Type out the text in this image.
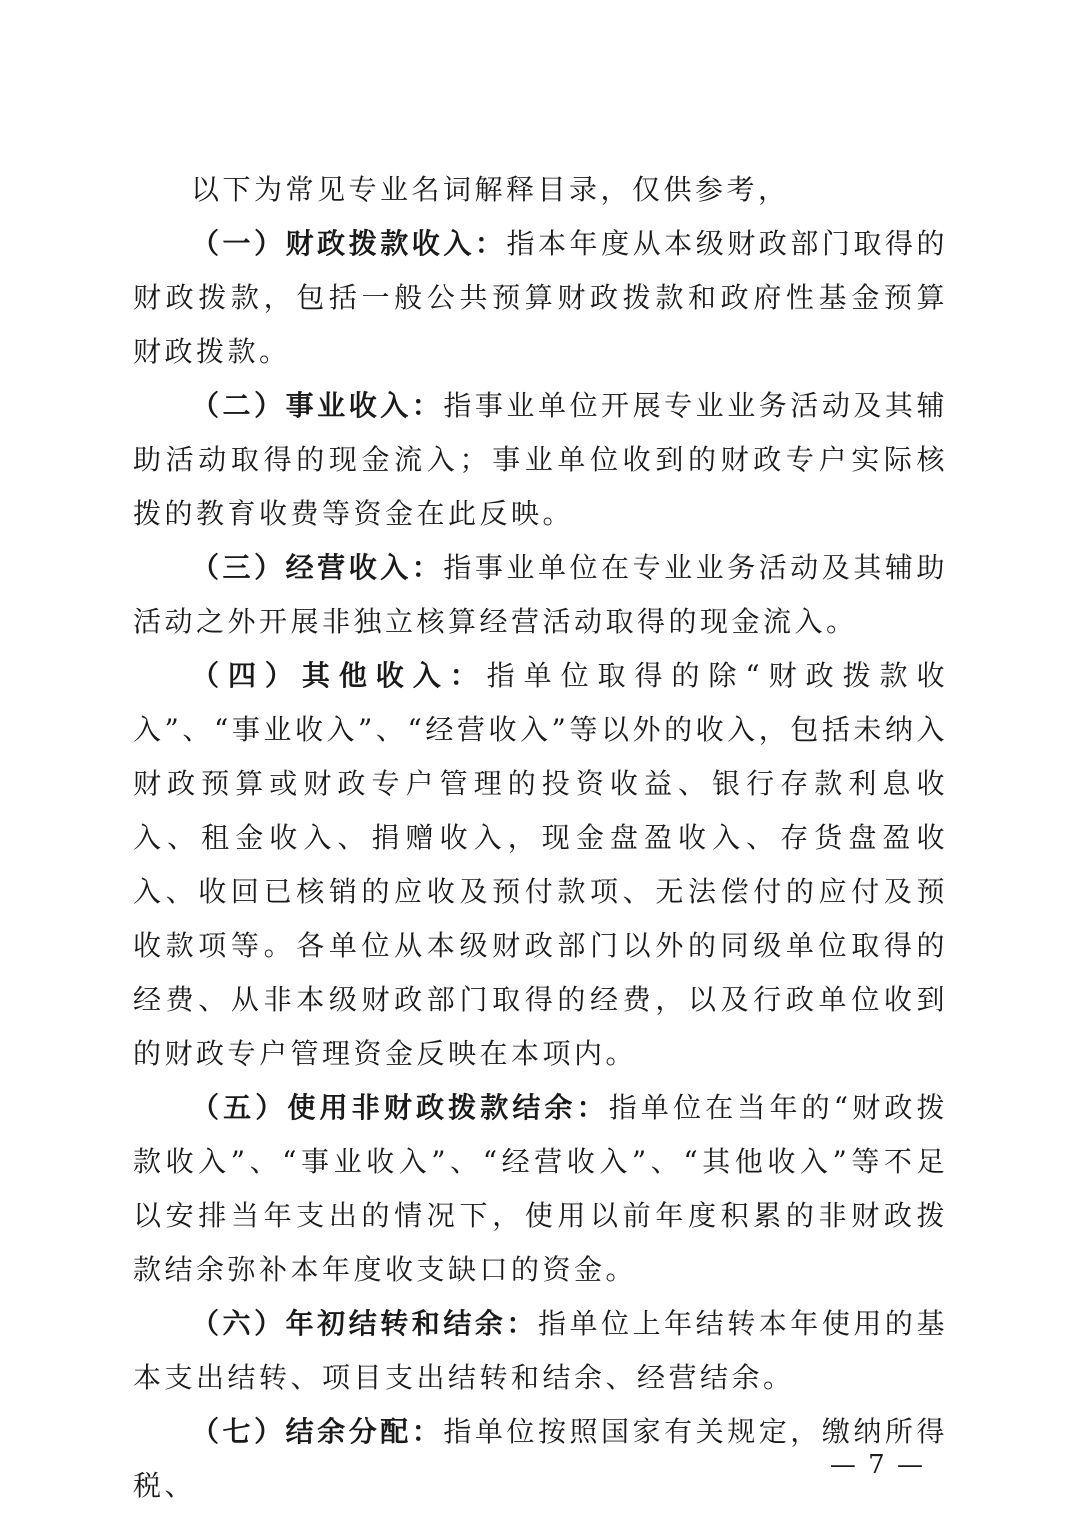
以下为常见专业名词解释目录，仅供参考，

（一）财政拨款收入：指本年度从本级财政部门取得的财政拨款，包括一般公共预算财政拨款和政府性基金预算财政拨款。

（二）事业收入：指事业单位开展专业业务活动及其辅助活动取得的现金流入；事业单位收到的财政专户实际核拨的教育收费等资金在此反映。

（三）经营收入：指事业单位在专业业务活动及其辅助活动之外开展非独立核算经营活动取得的现金流入。

（四）其他收入：指单位取得的除“财政拨款收入”、“事业收入”、“经营收入”等以外的收入，包括未纳入财政预算或财政专户管理的投资收益、银行存款利息收入、租金收入、捐赠收入，现金盘盈收入、存货盘盈收入、收回已核销的应收及预付款项、无法偿付的应付及预收款项等。各单位从本级财政部门以外的同级单位取得的经费、从非本级财政部门取得的经费，以及行政单位收到的财政专户管理资金反映在本项内。

（五）使用非财政拨款结余：指单位在当年的“财政拨款收入”、“事业收入”、“经营收入”、“其他收入”等不足以安排当年支出的情况下，使用以前年度积累的非财政拨款结余弥补本年度收支缺口的资金。

（六）年初结转和结余：指单位上年结转本年使用的基本支出结转、项目支出结转和结余、经营结余。

（七）结余分配：指单位按照国家有关规定，缴纳所得税、

— 7 —
